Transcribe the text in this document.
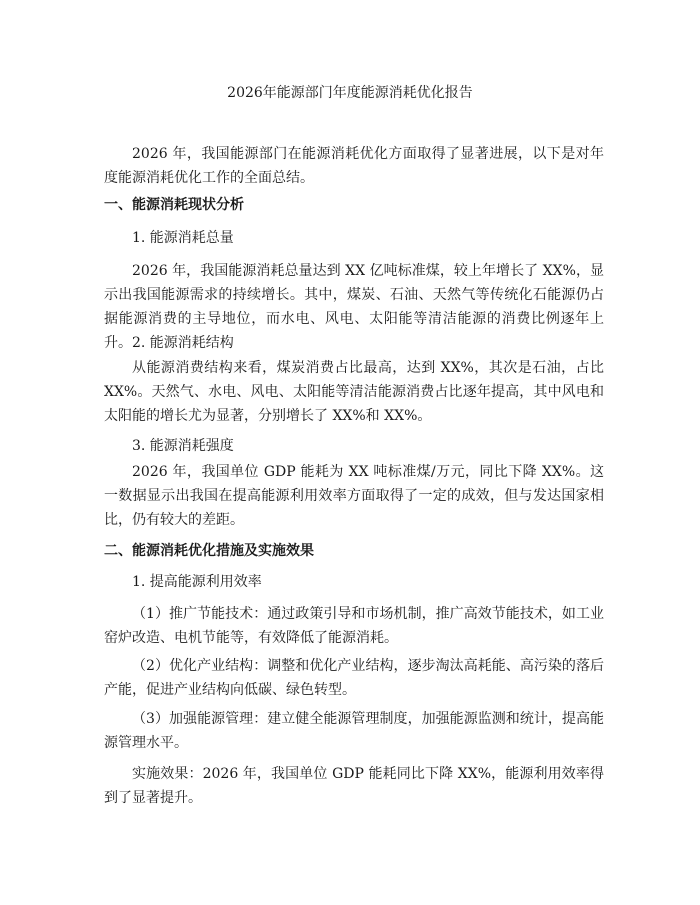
2026年能源部门年度能源消耗优化报告

2026 年，我国能源部门在能源消耗优化方面取得了显著进展，以下是对年度能源消耗优化工作的全面总结。

一、能源消耗现状分析

1. 能源消耗总量

2026 年，我国能源消耗总量达到 XX 亿吨标准煤，较上年增长了 XX%，显示出我国能源需求的持续增长。其中，煤炭、石油、天然气等传统化石能源仍占据能源消费的主导地位，而水电、风电、太阳能等清洁能源的消费比例逐年上升。 2. 能源消耗结构

从能源消费结构来看，煤炭消费占比最高，达到 XX%，其次是石油，占比 XX%。天然气、水电、风电、太阳能等清洁能源消费占比逐年提高，其中风电和太阳能的增长尤为显著，分别增长了 XX%和 XX%。

3. 能源消耗强度

2026 年，我国单位 GDP 能耗为 XX 吨标准煤/万元，同比下降 XX%。这一数据显示出我国在提高能源利用效率方面取得了一定的成效，但与发达国家相比，仍有较大的差距。

二、能源消耗优化措施及实施效果

1. 提高能源利用效率

（1）推广节能技术：通过政策引导和市场机制，推广高效节能技术，如工业窑炉改造、电机节能等，有效降低了能源消耗。

（2）优化产业结构：调整和优化产业结构，逐步淘汰高耗能、高污染的落后产能，促进产业结构向低碳、绿色转型。

（3）加强能源管理：建立健全能源管理制度，加强能源监测和统计，提高能源管理水平。

实施效果：2026 年，我国单位 GDP 能耗同比下降 XX%，能源利用效率得到了显著提升。
